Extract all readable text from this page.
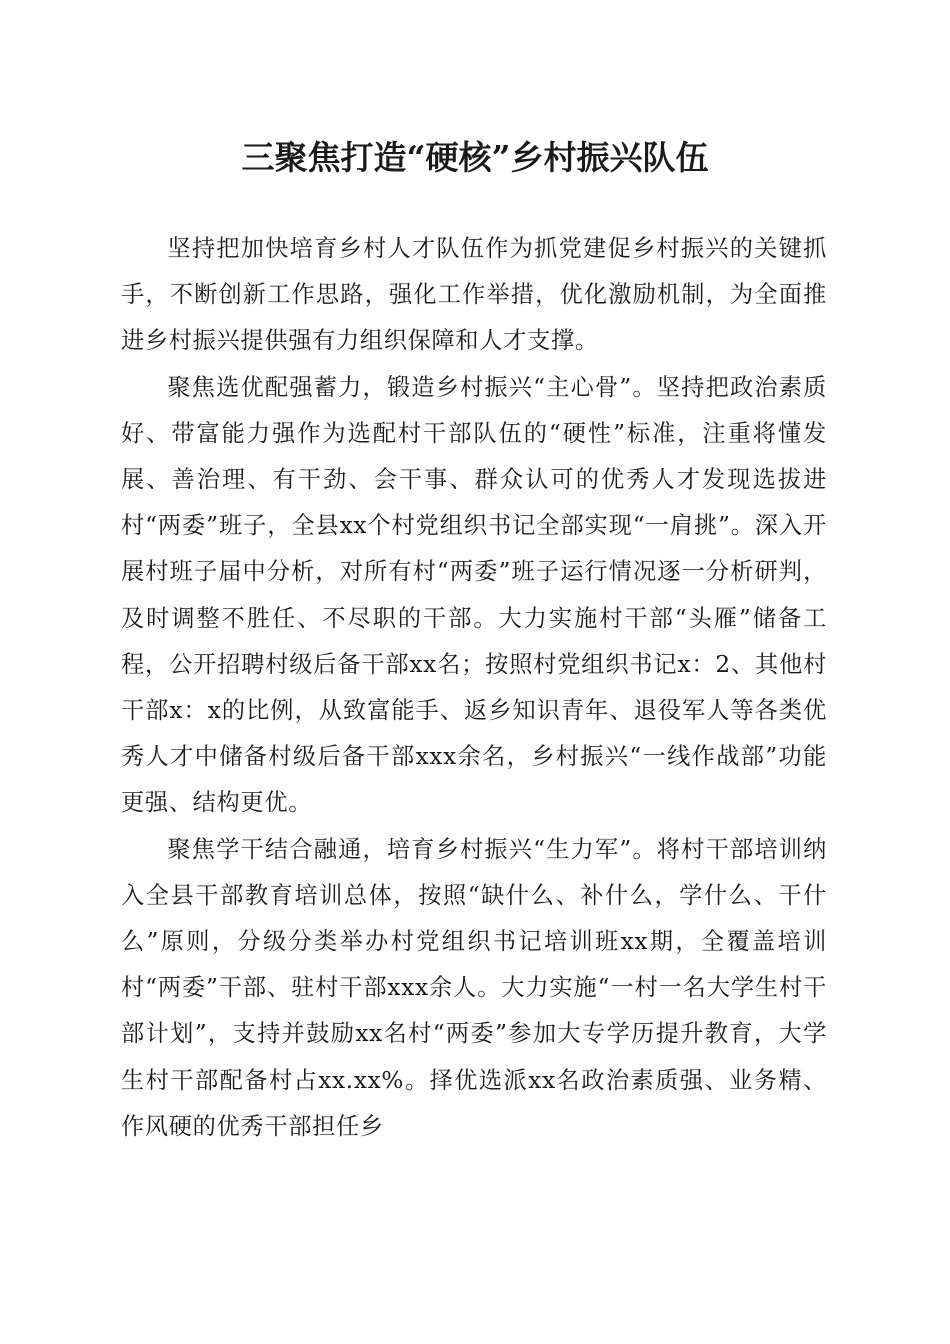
三聚焦打造“硬核”乡村振兴队伍

坚持把加快培育乡村人才队伍作为抓党建促乡村振兴的关键抓手，不断创新工作思路，强化工作举措，优化激励机制，为全面推进乡村振兴提供强有力组织保障和人才支撑。

聚焦选优配强蓄力，锻造乡村振兴“主心骨”。坚持把政治素质好、带富能力强作为选配村干部队伍的“硬性”标准，注重将懂发展、善治理、有干劲、会干事、群众认可的优秀人才发现选拔进村“两委”班子，全县xx个村党组织书记全部实现“一肩挑”。深入开展村班子届中分析，对所有村“两委”班子运行情况逐一分析研判，及时调整不胜任、不尽职的干部。大力实施村干部“头雁”储备工程，公开招聘村级后备干部xx名；按照村党组织书记x：2、其他村干部x：x的比例，从致富能手、返乡知识青年、退役军人等各类优秀人才中储备村级后备干部xxx余名，乡村振兴“一线作战部”功能更强、结构更优。

聚焦学干结合融通，培育乡村振兴“生力军”。将村干部培训纳入全县干部教育培训总体，按照“缺什么、补什么，学什么、干什么”原则，分级分类举办村党组织书记培训班xx期，全覆盖培训村“两委”干部、驻村干部xxx余人。大力实施“一村一名大学生村干部计划”，支持并鼓励xx名村“两委”参加大专学历提升教育，大学生村干部配备村占xx.xx%。择优选派xx名政治素质强、业务精、作风硬的优秀干部担任乡
